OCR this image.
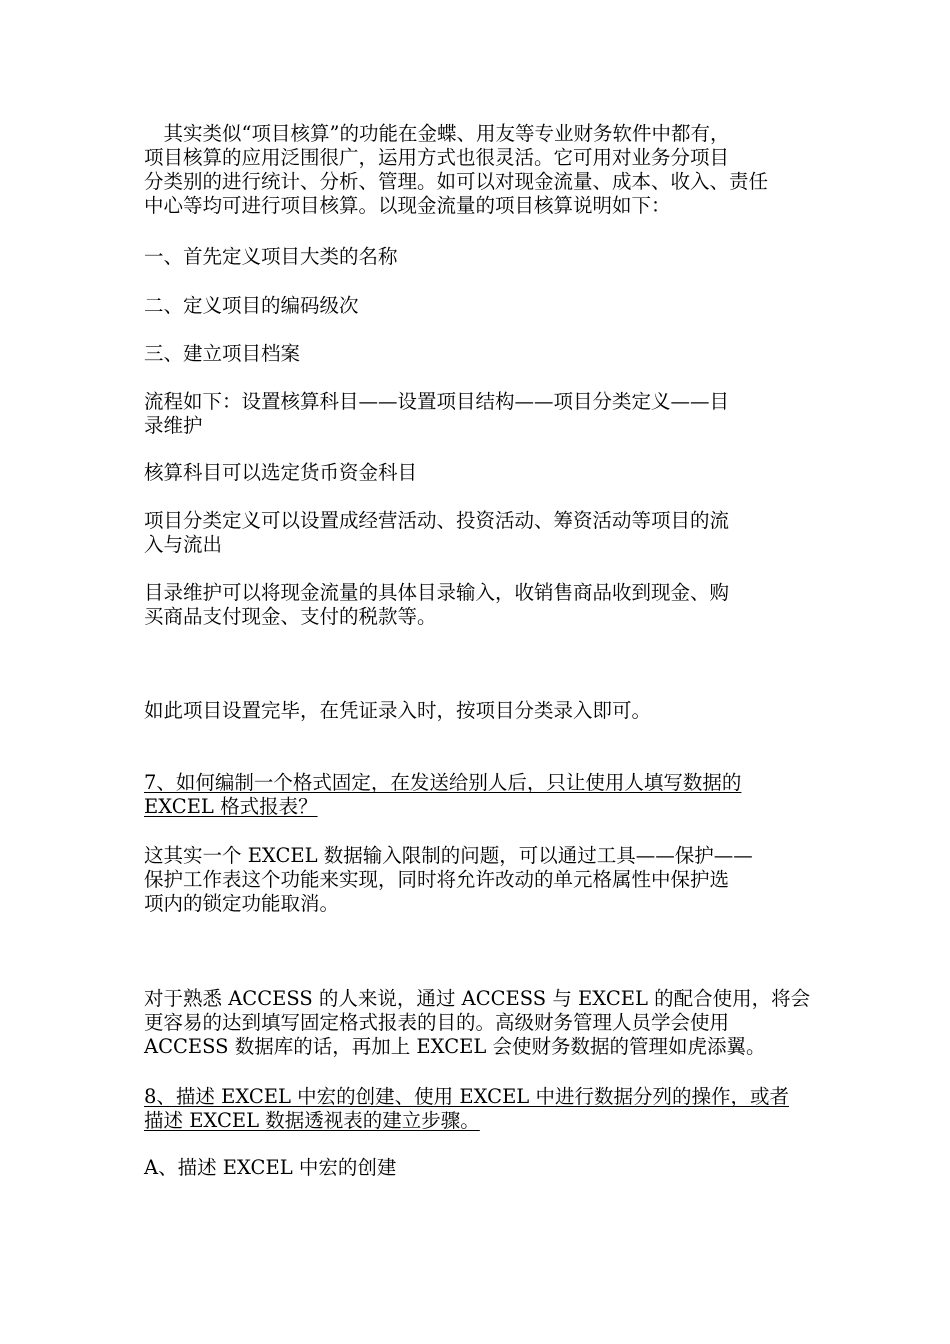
　其实类似“项目核算”的功能在金蝶、用友等专业财务软件中都有，
项目核算的应用泛围很广，运用方式也很灵活。它可用对业务分项目
分类别的进行统计、分析、管理。如可以对现金流量、成本、收入、责任
中心等均可进行项目核算。以现金流量的项目核算说明如下：

一、首先定义项目大类的名称

二、定义项目的编码级次

三、建立项目档案

流程如下：设置核算科目——设置项目结构——项目分类定义——目
录维护

核算科目可以选定货币资金科目

项目分类定义可以设置成经营活动、投资活动、筹资活动等项目的流
入与流出

目录维护可以将现金流量的具体目录输入，收销售商品收到现金、购
买商品支付现金、支付的税款等。

如此项目设置完毕，在凭证录入时，按项目分类录入即可。

7、如何编制一个格式固定，在发送给别人后，只让使用人填写数据的
EXCEL 格式报表？

这其实一个 EXCEL 数据输入限制的问题，可以通过工具——保护——
保护工作表这个功能来实现，同时将允许改动的单元格属性中保护选
项内的锁定功能取消。

对于熟悉 ACCESS 的人来说，通过 ACCESS 与 EXCEL 的配合使用，将会
更容易的达到填写固定格式报表的目的。高级财务管理人员学会使用
ACCESS 数据库的话，再加上 EXCEL 会使财务数据的管理如虎添翼。

8、描述 EXCEL 中宏的创建、使用 EXCEL 中进行数据分列的操作，或者
描述 EXCEL 数据透视表的建立步骤。

A、描述 EXCEL 中宏的创建
